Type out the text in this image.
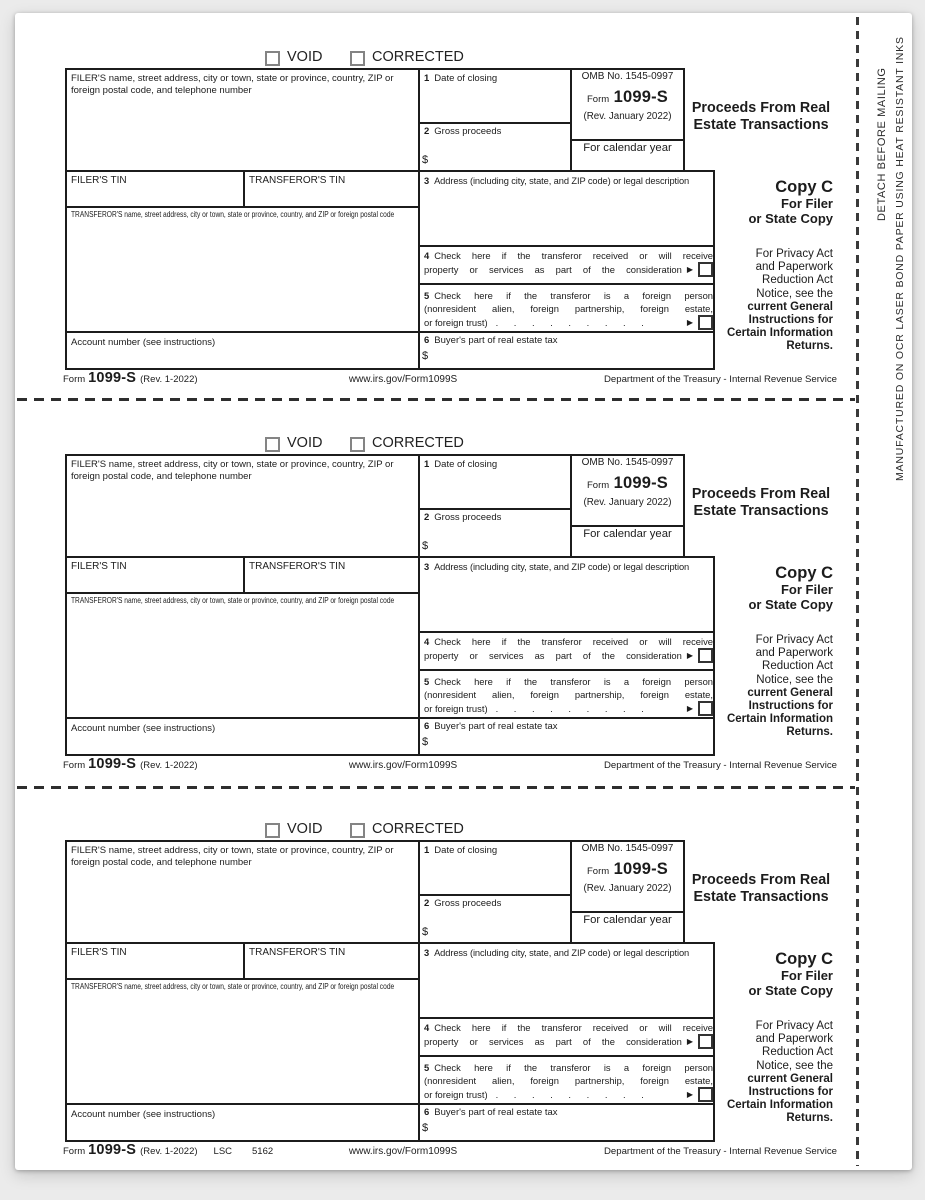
VOID	CORRECTED
FILER'S name, street address, city or town, state or province, country, ZIP or foreign postal code, and telephone number
1 Date of closing
2 Gross proceeds
$
OMB No. 1545-0997
Form 1099-S
(Rev. January 2022)
For calendar year
Proceeds From Real
Estate Transactions
FILER'S TIN	TRANSFEROR'S TIN
TRANSFEROR'S name, street address, city or town, state or province, country, and ZIP or foreign postal code
3 Address (including city, state, and ZIP code) or legal description	Copy C
For Filer
or State Copy
4 Check here if the transferor received or will receive
property or services as part of the consideration ▶
5 Check here if the transferor is a foreign person
(nonresident alien, foreign partnership, foreign estate,
or foreign trust) . . . . . . . . .	▶
For Privacy Act
and Paperwork
Reduction Act
Notice, see the
current General
Instructions for
Certain Information
Returns.
Account number (see instructions)	6 Buyer's part of real estate tax
$
Form 1099-S (Rev. 1-2022)	www.irs.gov/Form1099S	Department of the Treasury - Internal Revenue Service
VOID	CORRECTED
FILER'S name, street address, city or town, state or province, country, ZIP or foreign postal code, and telephone number
1 Date of closing
2 Gross proceeds
$
OMB No. 1545-0997
Form 1099-S
(Rev. January 2022)
For calendar year
Proceeds From Real
Estate Transactions
FILER'S TIN	TRANSFEROR'S TIN
TRANSFEROR'S name, street address, city or town, state or province, country, and ZIP or foreign postal code
3 Address (including city, state, and ZIP code) or legal description	Copy C
For Filer
or State Copy
4 Check here if the transferor received or will receive
property or services as part of the consideration ▶
5 Check here if the transferor is a foreign person
(nonresident alien, foreign partnership, foreign estate,
or foreign trust) . . . . . . . . .	▶
For Privacy Act
and Paperwork
Reduction Act
Notice, see the
current General
Instructions for
Certain Information
Returns.
Account number (see instructions)	6 Buyer's part of real estate tax
$
Form 1099-S (Rev. 1-2022)	www.irs.gov/Form1099S	Department of the Treasury - Internal Revenue Service
VOID	CORRECTED
FILER'S name, street address, city or town, state or province, country, ZIP or foreign postal code, and telephone number
1 Date of closing
2 Gross proceeds
$
OMB No. 1545-0997
Form 1099-S
(Rev. January 2022)
For calendar year
Proceeds From Real
Estate Transactions
FILER'S TIN	TRANSFEROR'S TIN
TRANSFEROR'S name, street address, city or town, state or province, country, and ZIP or foreign postal code
3 Address (including city, state, and ZIP code) or legal description	Copy C
For Filer
or State Copy
4 Check here if the transferor received or will receive
property or services as part of the consideration ▶
5 Check here if the transferor is a foreign person
(nonresident alien, foreign partnership, foreign estate,
or foreign trust) . . . . . . . . .	▶
For Privacy Act
and Paperwork
Reduction Act
Notice, see the
current General
Instructions for
Certain Information
Returns.
Account number (see instructions)	6 Buyer's part of real estate tax
$
Form 1099-S (Rev. 1-2022) LSC 5162	www.irs.gov/Form1099S	Department of the Treasury - Internal Revenue Service
DETACH BEFORE MAILING MANUFACTURED ON OCR LASER BOND PAPER USING HEAT RESISTANT INKS
